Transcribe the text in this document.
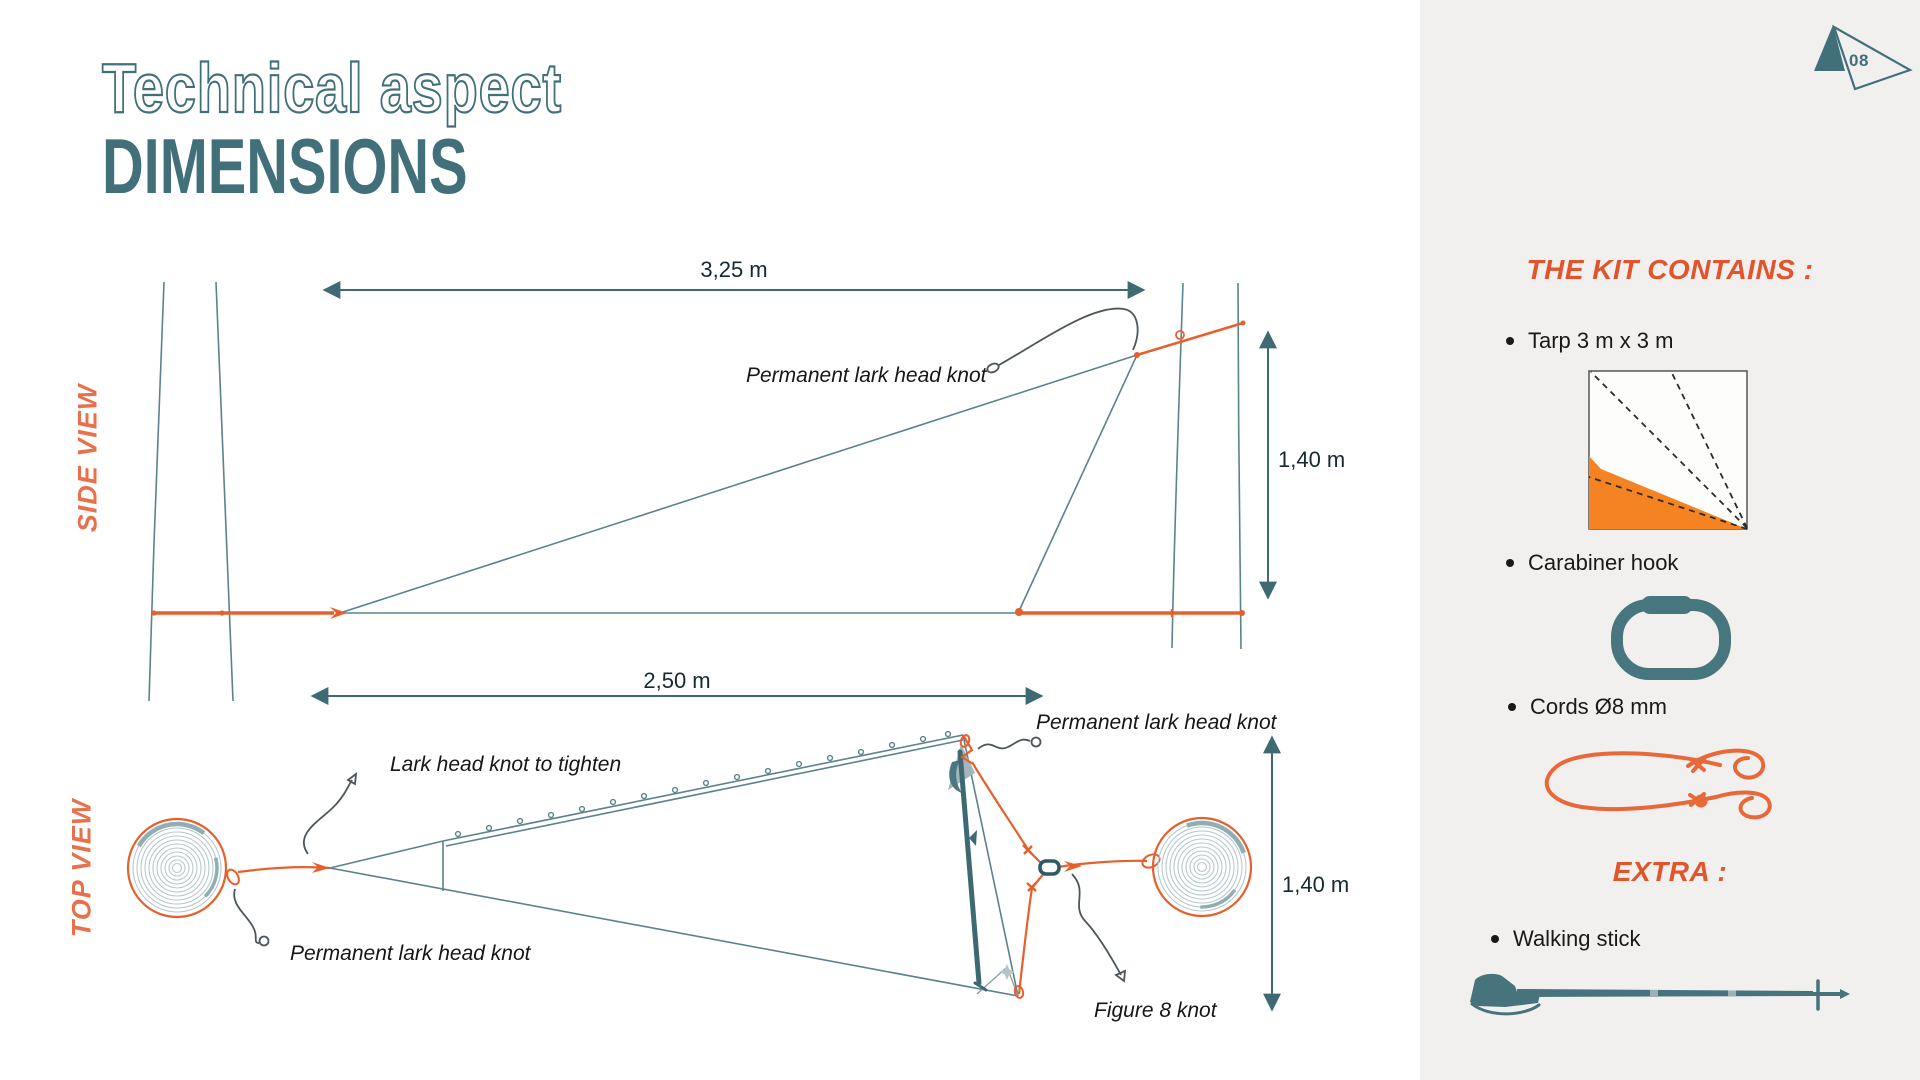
Technical aspect
DIMENSIONS
SIDE VIEW
TOP VIEW
3,25 m
1,40 m
2,50 m
1,40 m
Permanent lark head knot
Lark head knot to tighten
Permanent lark head knot
Permanent lark head knot
Figure 8 knot
08
THE KIT CONTAINS :
Tarp 3 m x 3 m
Carabiner hook
Cords Ø8 mm
EXTRA :
Walking stick
